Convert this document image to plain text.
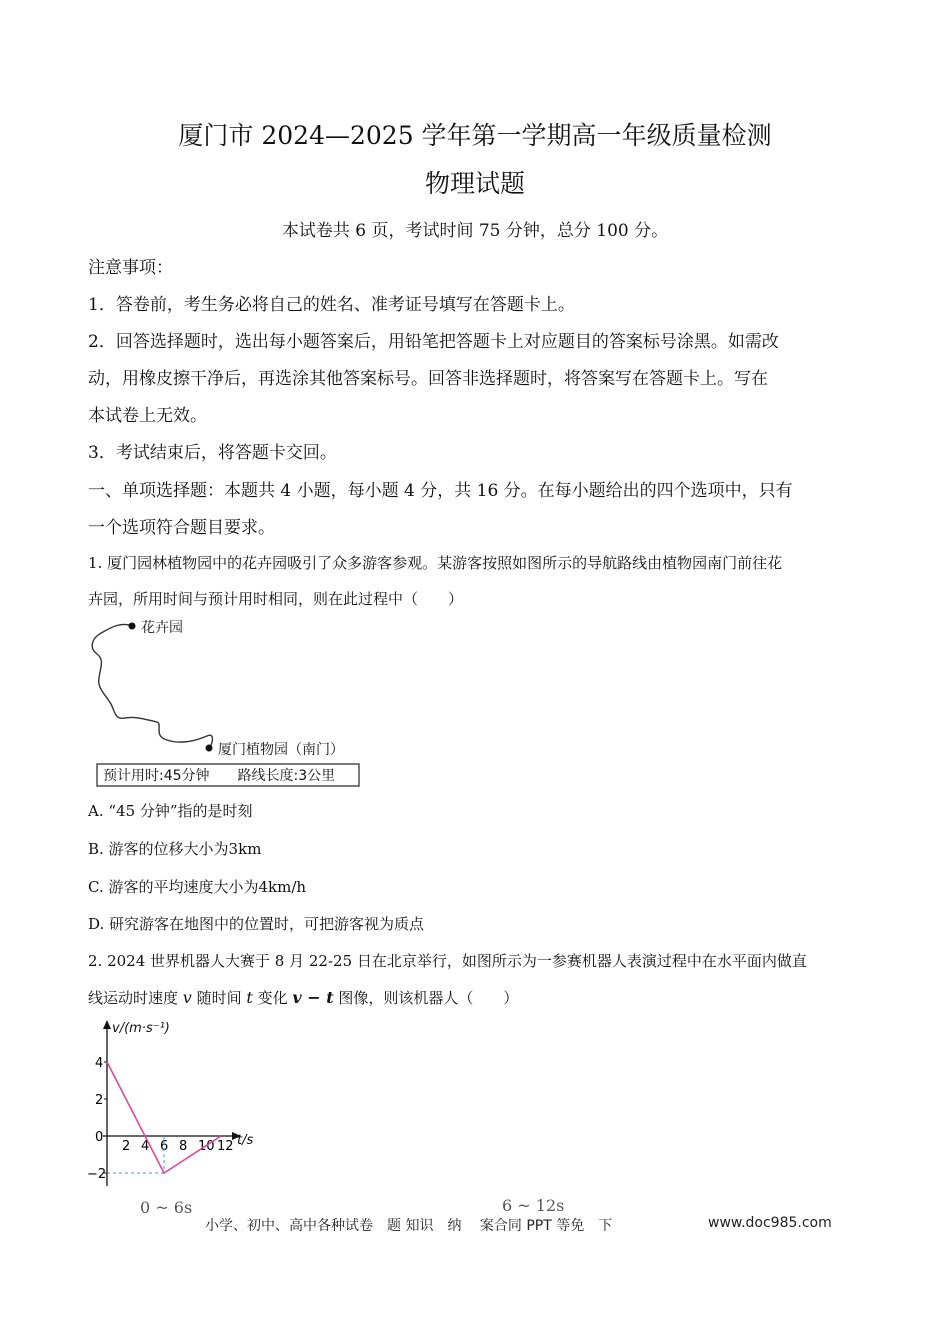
厦门市 2024—2025 学年第一学期高一年级质量检测
物理试题
本试卷共 6 页，考试时间 75 分钟，总分 100 分。
注意事项：
1．答卷前，考生务必将自己的姓名、准考证号填写在答题卡上。
2．回答选择题时，选出每小题答案后，用铅笔把答题卡上对应题目的答案标号涂黑。如需改
动，用橡皮擦干净后，再选涂其他答案标号。回答非选择题时，将答案写在答题卡上。写在
本试卷上无效。
3．考试结束后，将答题卡交回。
一、单项选择题：本题共 4 小题，每小题 4 分，共 16 分。在每小题给出的四个选项中，只有
一个选项符合题目要求。
1. 厦门园林植物园中的花卉园吸引了众多游客参观。某游客按照如图所示的导航路线由植物园南门前往花
卉园，所用时间与预计用时相同，则在此过程中（　　）
花卉园
厦门植物园（南门）
预计用时:45分钟　　路线长度:3公里
A. “45 分钟”指的是时刻
B. 游客的位移大小为3km
C. 游客的平均速度大小为4km/h
D. 研究游客在地图中的位置时，可把游客视为质点
2. 2024 世界机器人大赛于 8 月 22-25 日在北京举行，如图所示为一参赛机器人表演过程中在水平面内做直
线运动时速度 v 随时间 t 变化 v − t 图像，则该机器人（　　）
v/(m·s⁻¹)
t/s
2 4 6 8 10 12
4
2
0
−2
0 ~ 6s	6 ~ 12s
小学、初中、高中各种试卷　题 知识　纳　 案合同 PPT 等免　下	www.doc985.com
